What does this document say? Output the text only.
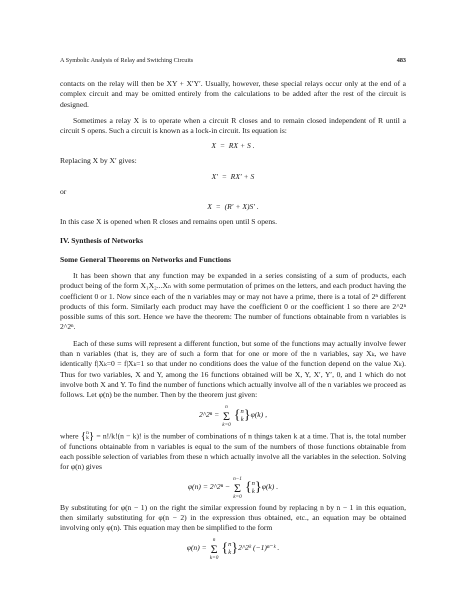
A Symbolic Analysis of Relay and Switching Circuits	483

contacts on the relay will then be XY + X′Y′. Usually, however, these special relays occur only at the end of a complex circuit and may be omitted entirely from the calculations to be added after the rest of the circuit is designed.

Sometimes a relay X is to operate when a circuit R closes and to remain closed independent of R until a circuit S opens. Such a circuit is known as a lock-in circuit. Its equation is:

X  =  RX + S .

Replacing X by X′ gives:

X′  =  RX′ + S

or

X  =  (R′ + X)S′ .

In this case X is opened when R closes and remains open until S opens.

IV. Synthesis of Networks
Some General Theorems on Networks and Functions

It has been shown that any function may be expanded in a series consisting of a sum of products, each product being of the form X₁X₂...Xₙ with some permutation of primes on the letters, and each product having the coefficient 0 or 1. Now since each of the n variables may or may not have a prime, there is a total of 2ⁿ different products of this form. Similarly each product may have the coefficient 0 or the coefficient 1 so there are 2^2ⁿ possible sums of this sort. Hence we have the theorem: The number of functions obtainable from n variables is 2^2ⁿ.

Each of these sums will represent a different function, but some of the functions may actually involve fewer than n variables (that is, they are of such a form that for one or more of the n variables, say Xₖ, we have identically f|Xₖ=0 = f|Xₖ=1 so that under no conditions does the value of the function depend on the value Xₖ). Thus for two variables, X and Y, among the 16 functions obtained will be X, Y, X′, Y′, 0, and 1 which do not involve both X and Y. To find the number of functions which actually involve all of the n variables we proceed as follows. Let φ(n) be the number. Then by the theorem just given:

2^2ⁿ =
n
Σ
k=0
{ n
k } φ(k) ,

where { n
k } = n!/k!(n − k)! is the number of combinations of n things taken k at a time. That is, the total number of functions obtainable from n variables is equal to the sum of the numbers of those functions obtainable from each possible selection of variables from these n which actually involve all the variables in the selection. Solving for φ(n) gives

φ(n) = 2^2ⁿ −
n−1
Σ
k=0
{ n
k } φ(k) .

By substituting for φ(n − 1) on the right the similar expression found by replacing n by n − 1 in this equation, then similarly substituting for φ(n − 2) in the expression thus obtained, etc., an equation may be obtained involving only φ(n). This equation may then be simplified to the form

φ(n) =
n
Σ
k=0
{ n
k } 2^2ᵏ (−1)ⁿ⁻ᵏ .
